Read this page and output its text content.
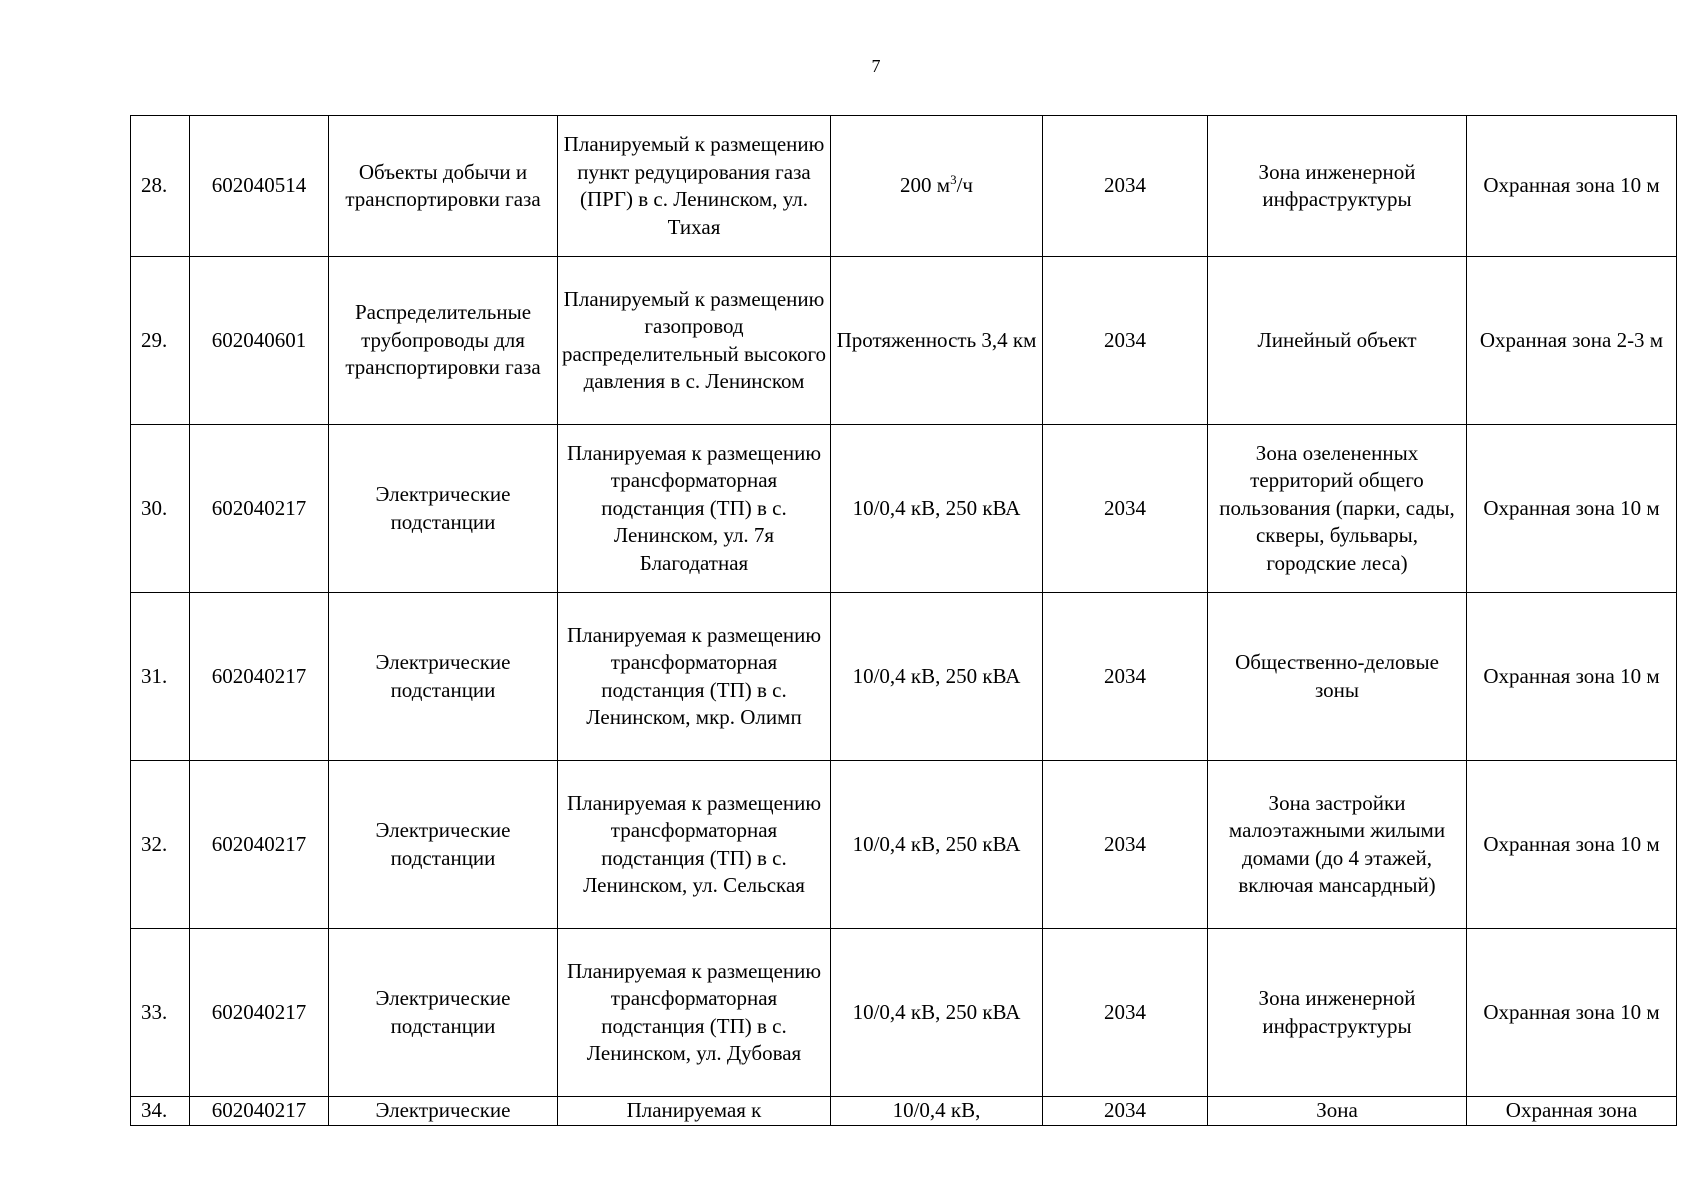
7
28.	602040514	Объекты добычи и транспортировки газа	Планируемый к размещению пункт редуцирования газа (ПРГ) в с. Ленинском, ул. Тихая	200 $м^3/ч$	2034	Зона инженерной инфраструктуры	Охранная зона 10 м
29.	602040601	Распределительные трубопроводы для транспортировки газа	Планируемый к размещению газопровод распределительный высокого давления в с. Ленинском	Протяженность 3,4 км	2034	Линейный объект	Охранная зона 2-3 м
30.	602040217	Электрические подстанции	Планируемая к размещению трансформаторная подстанция (ТП) в с. Ленинском, ул. 7я Благодатная	10/0,4 кВ, 250 кВА	2034	Зона озелененных территорий общего пользования (парки, сады, скверы, бульвары, городские леса)	Охранная зона 10 м
31.	602040217	Электрические подстанции	Планируемая к размещению трансформаторная подстанция (ТП) в с. Ленинском, мкр. Олимп	10/0,4 кВ, 250 кВА	2034	Общественно-деловые зоны	Охранная зона 10 м
32.	602040217	Электрические подстанции	Планируемая к размещению трансформаторная подстанция (ТП) в с. Ленинском, ул. Сельская	10/0,4 кВ, 250 кВА	2034	Зона застройки малоэтажными жилыми домами (до 4 этажей, включая мансардный)	Охранная зона 10 м
33.	602040217	Электрические подстанции	Планируемая к размещению трансформаторная подстанция (ТП) в с. Ленинском, ул. Дубовая	10/0,4 кВ, 250 кВА	2034	Зона инженерной инфраструктуры	Охранная зона 10 м
34.	602040217	Электрические	Планируемая к	10/0,4 кВ,	2034	Зона	Охранная зона
